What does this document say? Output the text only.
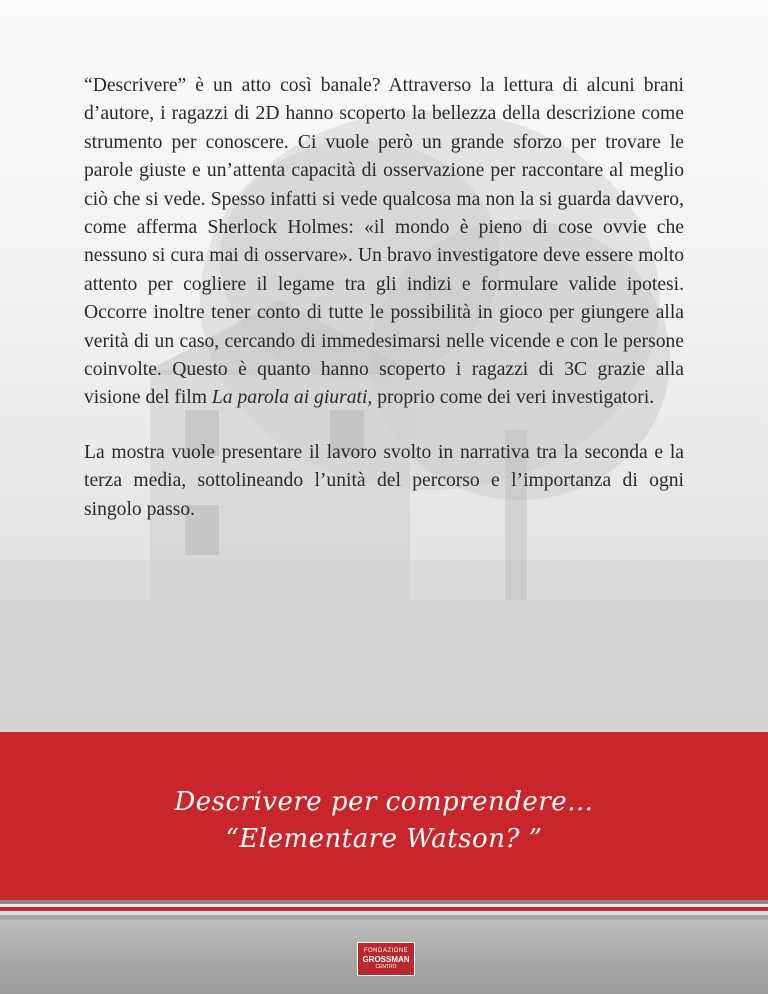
“Descrivere” è un atto così banale? Attraverso la lettura di alcuni brani d’autore, i ragazzi di 2D hanno scoperto la bellezza della descrizione come strumento per conoscere. Ci vuole però un grande sforzo per trovare le parole giuste e un’attenta capacità di osservazione per raccontare al meglio ciò che si vede. Spesso infatti si vede qualcosa ma non la si guarda davvero, come afferma Sherlock Holmes: «il mondo è pieno di cose ovvie che nessuno si cura mai di osservare». Un bravo investigatore deve essere molto attento per cogliere il legame tra gli indizi e formulare valide ipotesi. Occorre inoltre tener conto di tutte le possibilità in gioco per giungere alla verità di un caso, cercando di immedesimarsi nelle vicende e con le persone coinvolte. Questo è quanto hanno scoperto i ragazzi di 3C grazie alla visione del film La parola ai giurati, proprio come dei veri investigatori.

La mostra vuole presentare il lavoro svolto in narrativa tra la seconda e la terza media, sottolineando l’unità del percorso e l’importanza di ogni singolo passo.

Descrivere per comprendere…
“Elementare Watson? ”
FONDAZIONE
GROSSMAN
CENTRO
